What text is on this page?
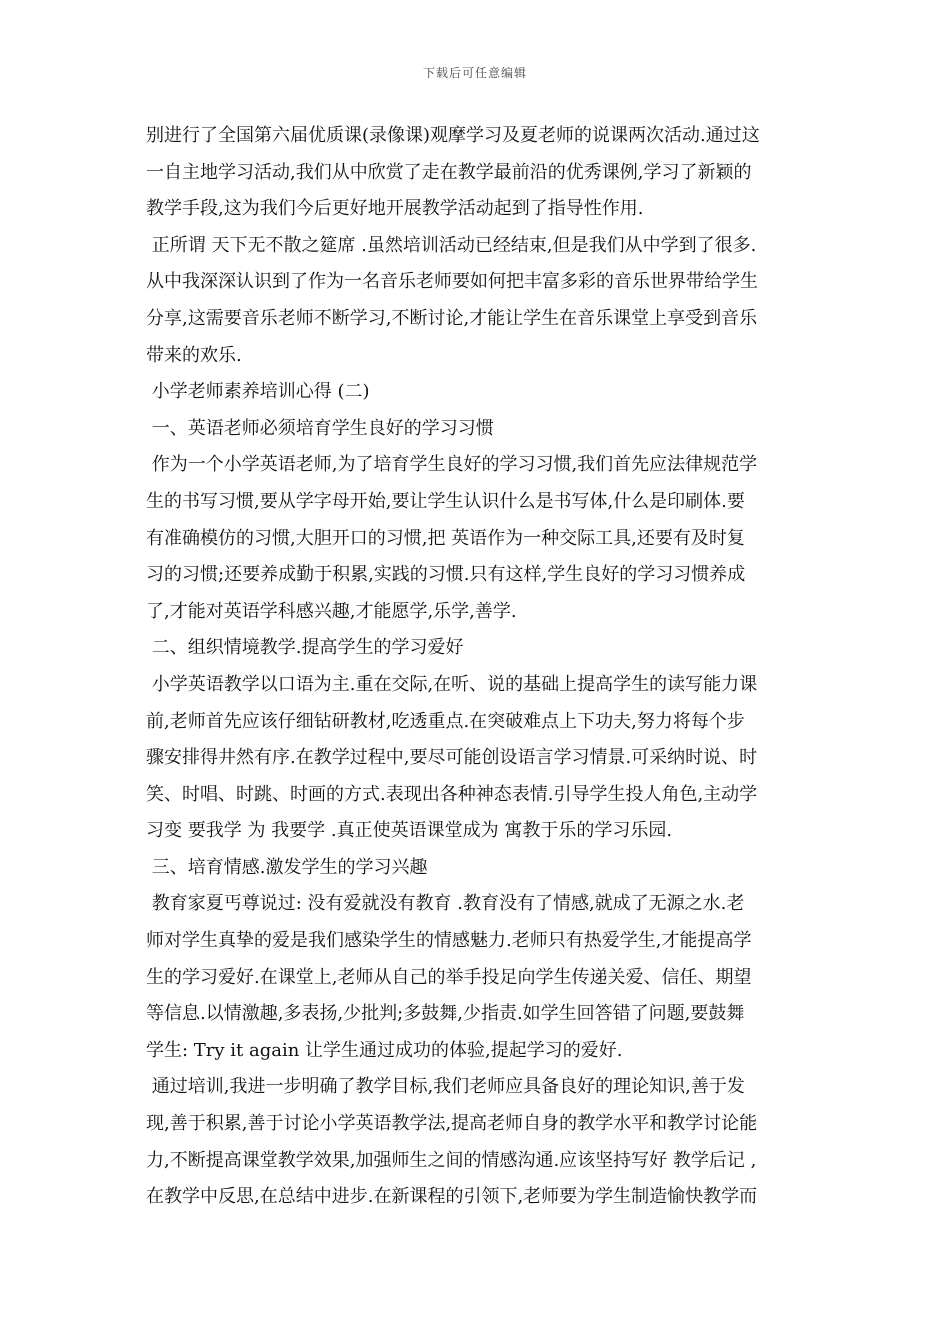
下载后可任意编辑
别进行了全国第六届优质课(录像课)观摩学习及夏老师的说课两次活动.通过这
一自主地学习活动,我们从中欣赏了走在教学最前沿的优秀课例,学习了新颖的
教学手段,这为我们今后更好地开展教学活动起到了指导性作用.
正所谓 天下无不散之筵席 .虽然培训活动已经结束,但是我们从中学到了很多.
从中我深深认识到了作为一名音乐老师要如何把丰富多彩的音乐世界带给学生
分享,这需要音乐老师不断学习,不断讨论,才能让学生在音乐课堂上享受到音乐
带来的欢乐.
小学老师素养培训心得 (二)
一、英语老师必须培育学生良好的学习习惯
作为一个小学英语老师,为了培育学生良好的学习习惯,我们首先应法律规范学
生的书写习惯,要从学字母开始,要让学生认识什么是书写体,什么是印刷体.要
有准确模仿的习惯,大胆开口的习惯,把 英语作为一种交际工具,还要有及时复
习的习惯;还要养成勤于积累,实践的习惯.只有这样,学生良好的学习习惯养成
了,才能对英语学科感兴趣,才能愿学,乐学,善学.
二、组织情境教学.提高学生的学习爱好
小学英语教学以口语为主.重在交际,在听、说的基础上提高学生的读写能力课
前,老师首先应该仔细钻研教材,吃透重点.在突破难点上下功夫,努力将每个步
骤安排得井然有序.在教学过程中,要尽可能创设语言学习情景.可采纳时说、时
笑、时唱、时跳、时画的方式.表现出各种神态表情.引导学生投人角色,主动学
习变 要我学 为 我要学 .真正使英语课堂成为 寓教于乐的学习乐园.
三、培育情感.激发学生的学习兴趣
教育家夏丐尊说过: 没有爱就没有教育 .教育没有了情感,就成了无源之水.老
师对学生真挚的爱是我们感染学生的情感魅力.老师只有热爱学生,才能提高学
生的学习爱好.在课堂上,老师从自己的举手投足向学生传递关爱、信任、期望
等信息.以情激趣,多表扬,少批判;多鼓舞,少指责.如学生回答错了问题,要鼓舞
学生: Try it again 让学生通过成功的体验,提起学习的爱好.
通过培训,我进一步明确了教学目标,我们老师应具备良好的理论知识,善于发
现,善于积累,善于讨论小学英语教学法,提高老师自身的教学水平和教学讨论能
力,不断提高课堂教学效果,加强师生之间的情感沟通.应该坚持写好 教学后记 ,
在教学中反思,在总结中进步.在新课程的引领下,老师要为学生制造愉快教学而
